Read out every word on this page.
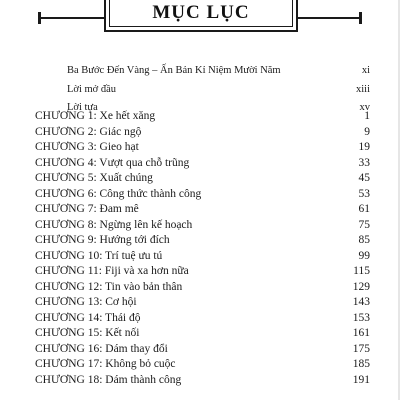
MỤC LỤC
Ba Bước Đến Vàng – Ấn Bản Kỉ Niệm Mười Năm	xi
Lời mở đầu	xiii
Lời tựa	xv
CHƯƠNG 1: Xe hết xăng	1
CHƯƠNG 2: Giác ngộ	9
CHƯƠNG 3: Gieo hạt	19
CHƯƠNG 4: Vượt qua chỗ trũng	33
CHƯƠNG 5: Xuất chúng	45
CHƯƠNG 6: Công thức thành công	53
CHƯƠNG 7: Đam mê	61
CHƯƠNG 8: Ngừng lên kế hoạch	75
CHƯƠNG 9: Hướng tới đích	85
CHƯƠNG 10: Trí tuệ ưu tú	99
CHƯƠNG 11: Fiji và xa hơn nữa	115
CHƯƠNG 12: Tin vào bản thân	129
CHƯƠNG 13: Cơ hội	143
CHƯƠNG 14: Thái độ	153
CHƯƠNG 15: Kết nối	161
CHƯƠNG 16: Dám thay đổi	175
CHƯƠNG 17: Không bỏ cuộc	185
CHƯƠNG 18: Dám thành công	191
